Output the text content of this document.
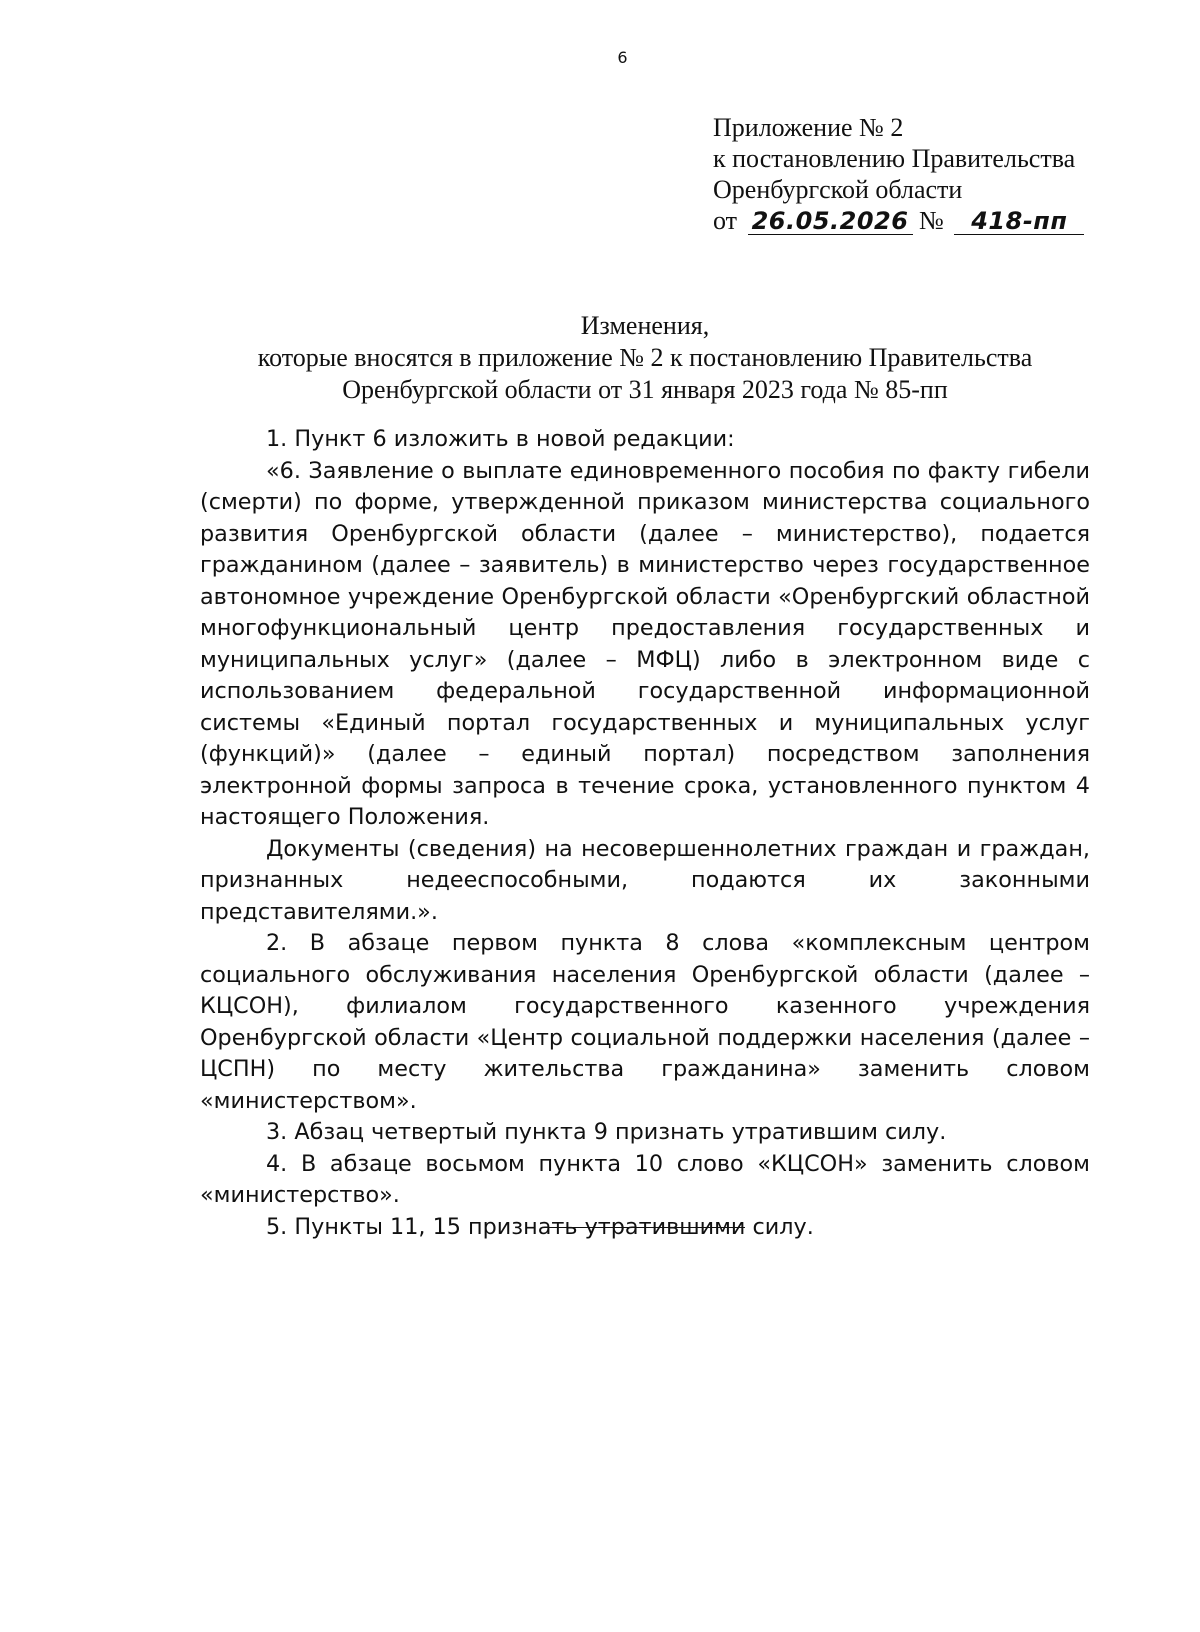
6
Приложение № 2
к постановлению Правительства
Оренбургской области
от 26.05.2026 № 418-пп
Изменения,
которые вносятся в приложение № 2 к постановлению Правительства
Оренбургской области от 31 января 2023 года № 85-пп

1. Пункт 6 изложить в новой редакции:

«6. Заявление о выплате единовременного пособия по факту гибели (смерти) по форме, утвержденной приказом министерства социального развития Оренбургской области (далее – министерство), подается гражданином (далее – заявитель) в министерство через государственное автономное учреждение Оренбургской области «Оренбургский областной многофункциональный центр предоставления государственных и муниципальных услуг» (далее – МФЦ) либо в электронном виде с использованием федеральной государственной информационной системы «Единый портал государственных и муниципальных услуг (функций)» (далее – единый портал) посредством заполнения электронной формы запроса в течение срока, установленного пунктом 4 настоящего Положения.

Документы (сведения) на несовершеннолетних граждан и граждан, признанных недееспособными, подаются их законными представителями.».

2. В абзаце первом пункта 8 слова «комплексным центром социального обслуживания населения Оренбургской области (далее – КЦСОН), филиалом государственного казенного учреждения Оренбургской области «Центр социальной поддержки населения (далее – ЦСПН) по месту жительства гражданина» заменить словом «министерством».

3. Абзац четвертый пункта 9 признать утратившим силу.

4. В абзаце восьмом пункта 10 слово «КЦСОН» заменить словом «министерство».

5. Пункты 11, 15 признать утратившими силу.
